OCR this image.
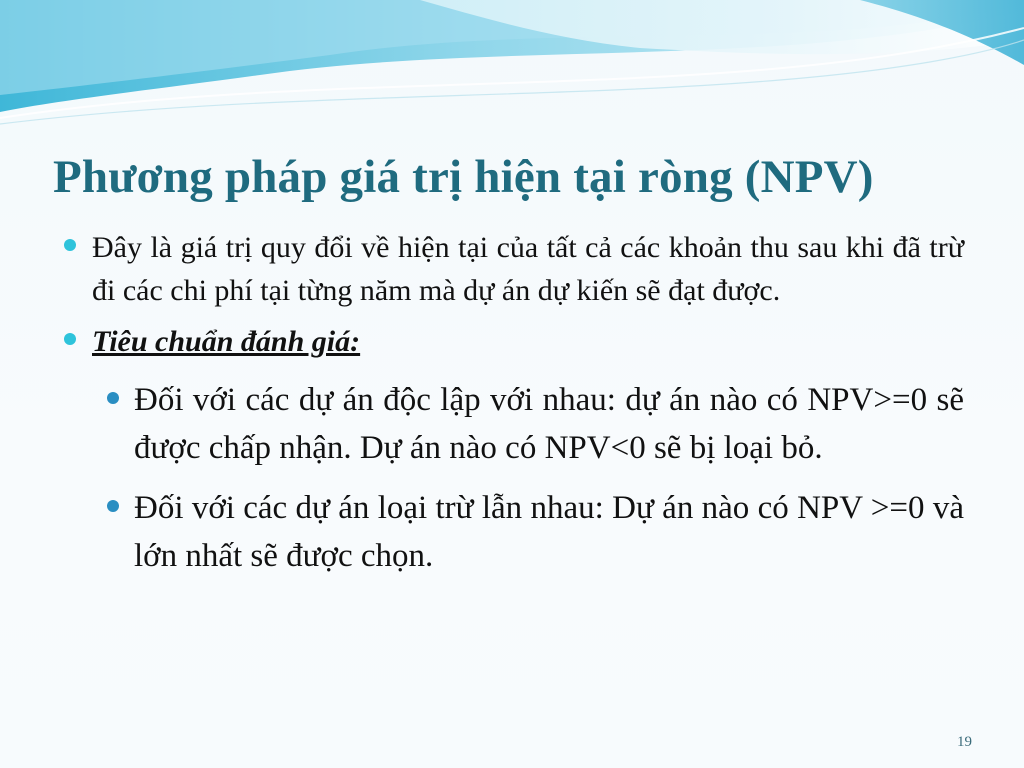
Phương pháp giá trị hiện tại ròng (NPV)
Đây là giá trị quy đổi về hiện tại của tất cả các khoản thu sau khi đã trừ đi các chi phí tại từng năm mà dự án dự kiến sẽ đạt được.
Tiêu chuẩn đánh giá:
Đối với các dự án độc lập với nhau: dự án nào có NPV>=0 sẽ được chấp nhận. Dự án nào có NPV<0 sẽ bị loại bỏ.
Đối với các dự án loại trừ lẫn nhau: Dự án nào có NPV >=0 và lớn nhất sẽ được chọn.
19
